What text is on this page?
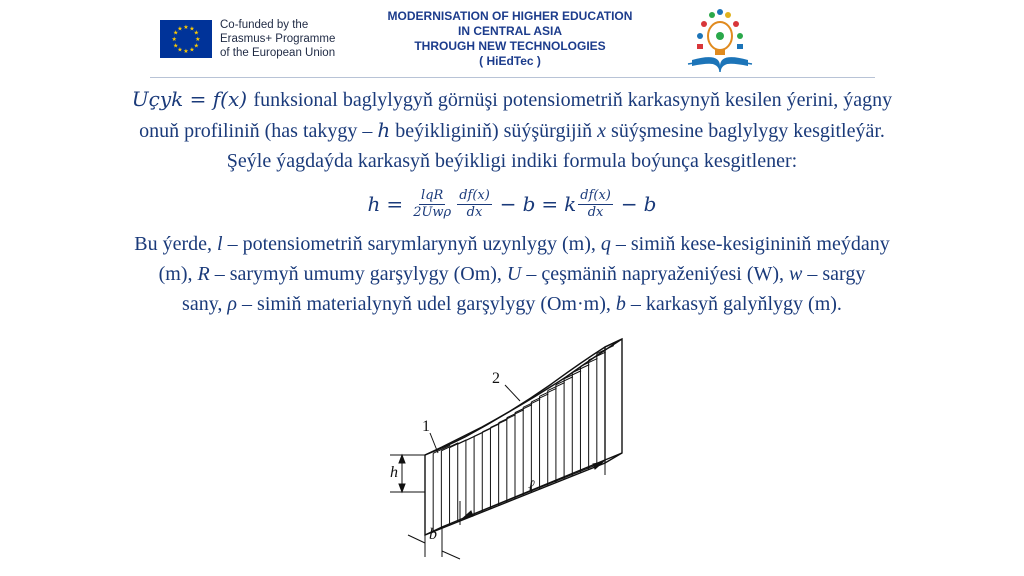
★ ★
★
★
★
★
★
★
★
★
★
★	Co-funded by the
Erasmus+ Programme
of the European Union
MODERNISATION OF HIGHER EDUCATION
IN CENTRAL ASIA
THROUGH NEW TECHNOLOGIES
( HiEdTec )
Uçyk = f(x) funksional baglylygyň görnüşi potensiometriň karkasynyň kesilen ýerini, ýagny
onuň profiliniň (has takygy – h beýikliginiň) süýşürgijiň x süýşmesine baglylygy kesgitleýär.
Şeýle ýagdaýda karkasyň beýikligi indiki formula boýunça kesgitlener:
$h = \frac{\text{lqR}}{\text{2Uwρ}} \frac{df(x)}{dx} - b = k \frac{df(x)}{dx} - b$
Bu ýerde, l – potensiometriň sarymlarynyň uzynlygy (m), q – simiň kese-kesigininiň meýdany
(m), R – sarymyň umumy garşylygy (Om), U – çeşmäniň napryaženiýesi (W), w – sargy
sany, ρ – simiň materialynyň udel garşylygy (Om·m), b – karkasyň galyňlygy (m).
1
2
h
b
ℓ
